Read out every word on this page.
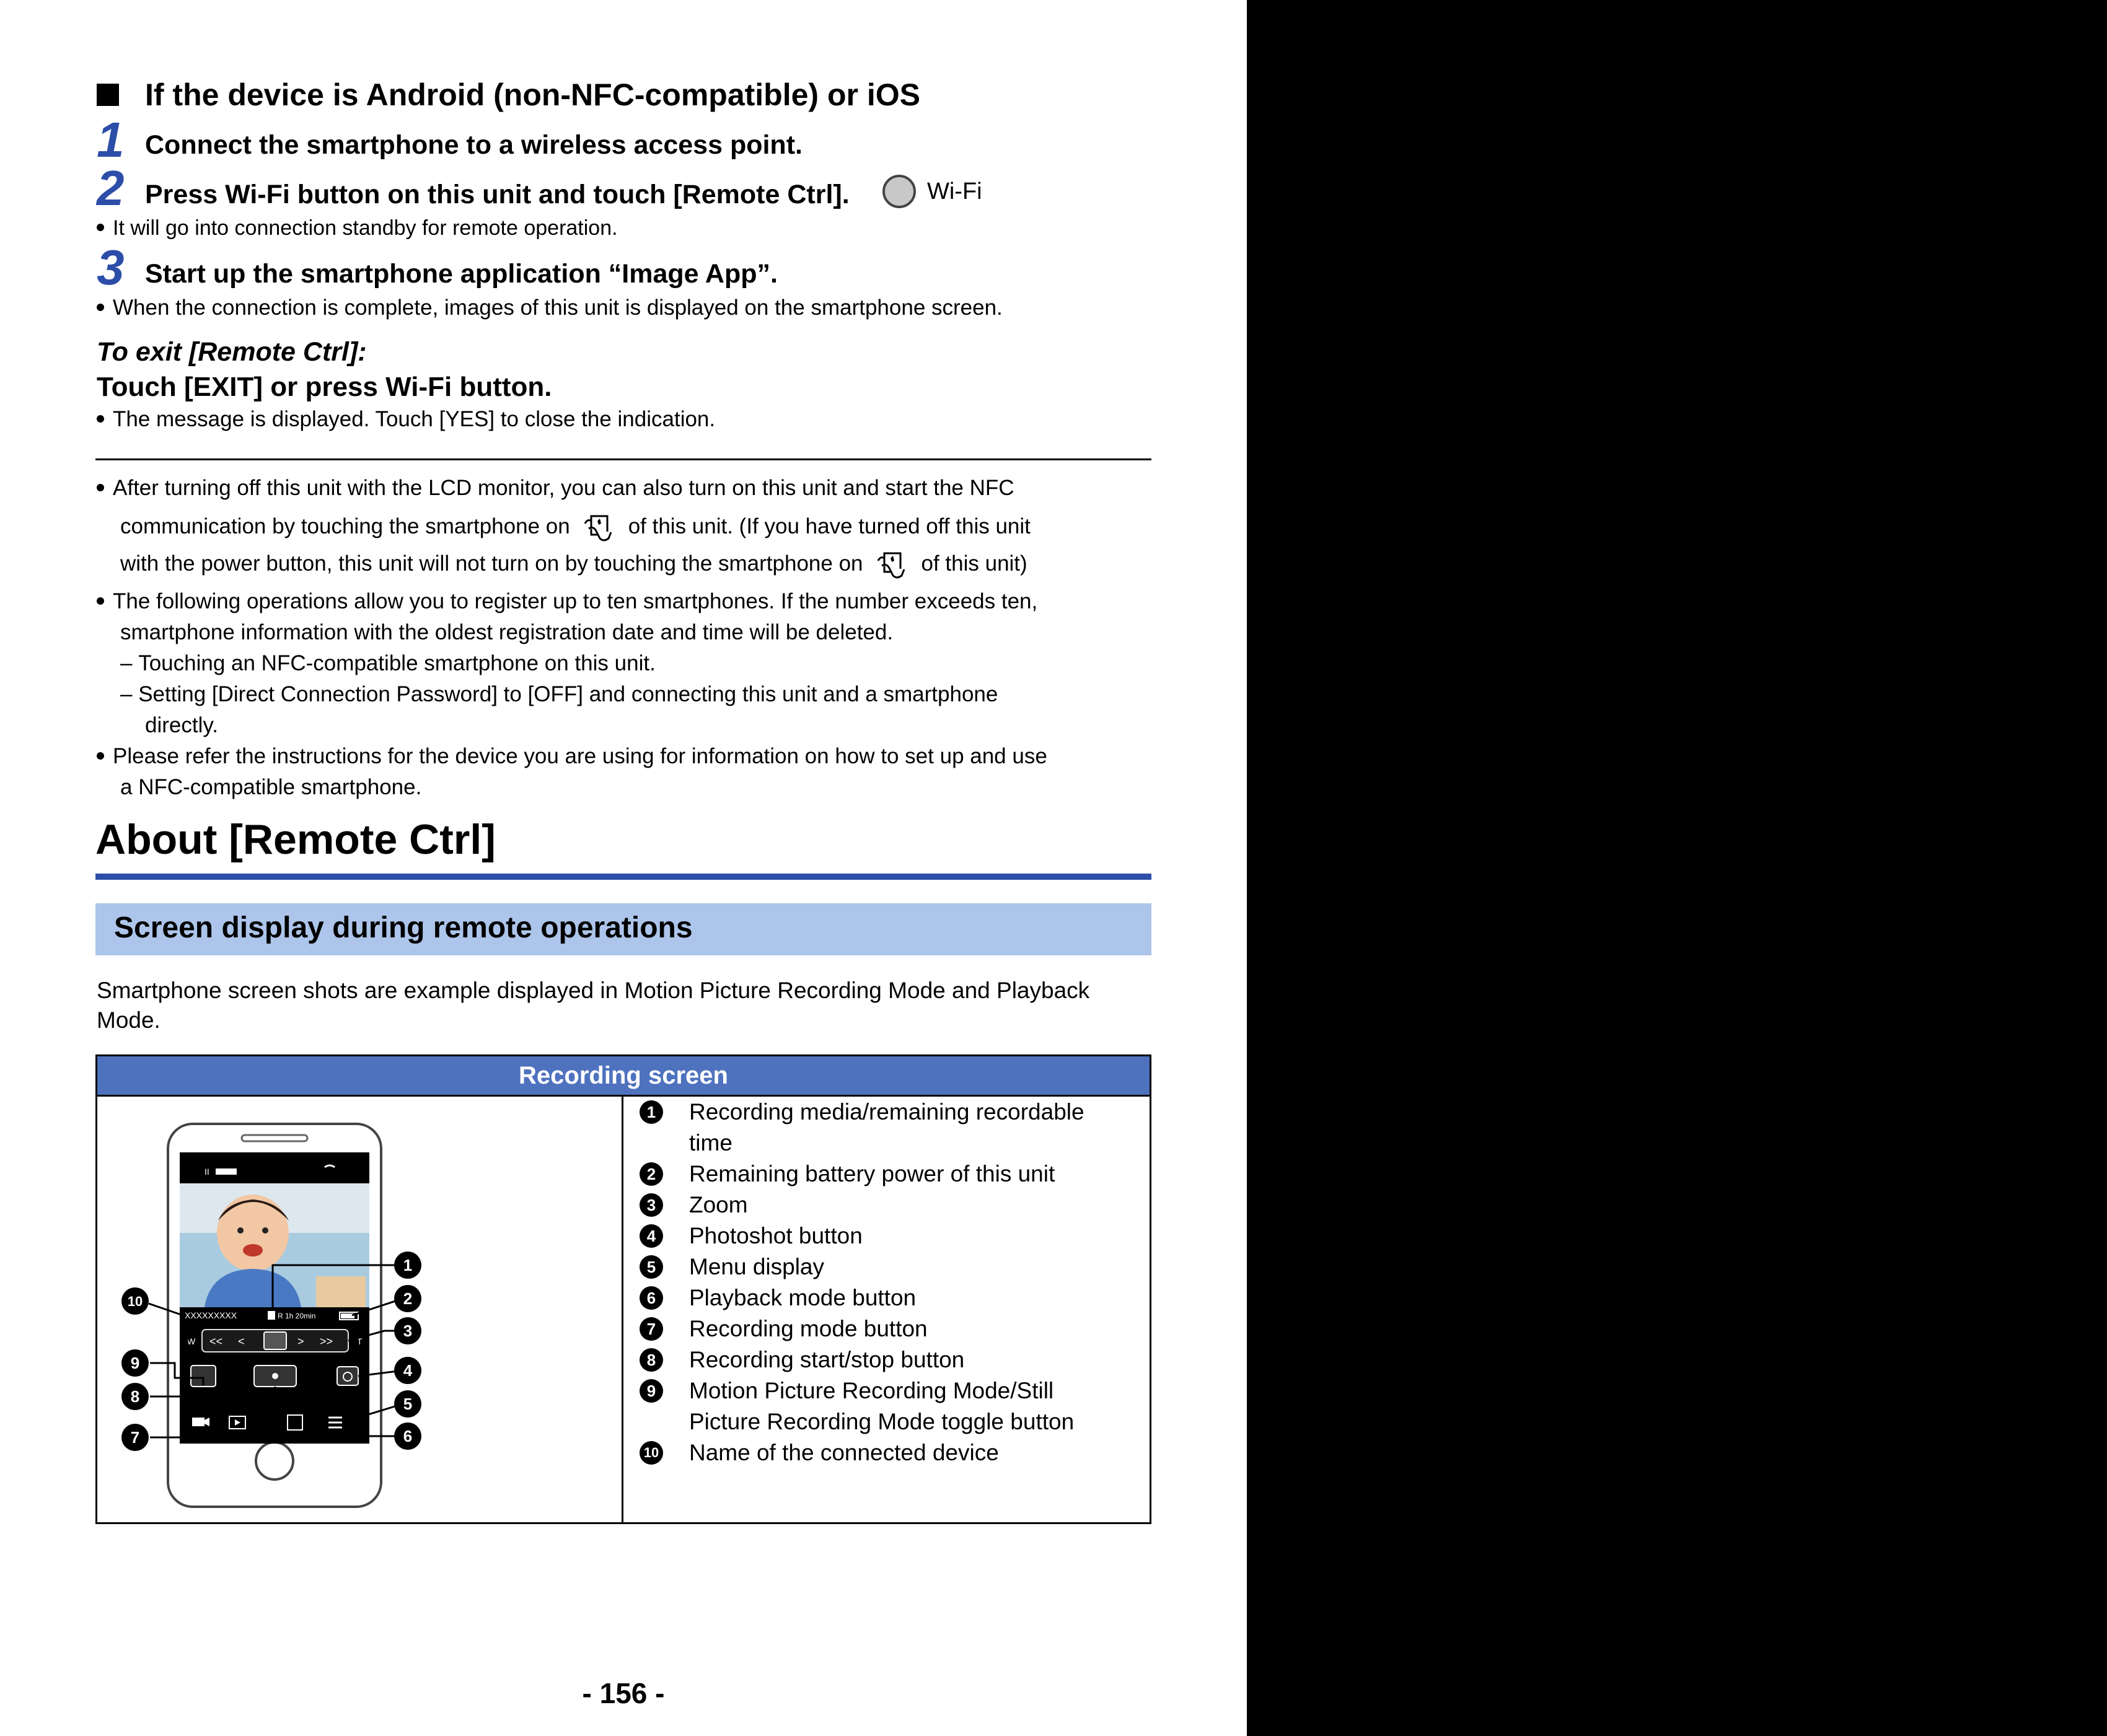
If the device is Android (non-NFC-compatible) or iOS
1 Connect the smartphone to a wireless access point.
2 Press Wi-Fi button on this unit and touch [Remote Ctrl].	Wi-Fi
It will go into connection standby for remote operation.
3 Start up the smartphone application “Image App”.
When the connection is complete, images of this unit is displayed on the smartphone screen.
To exit [Remote Ctrl]:
Touch [EXIT] or press Wi-Fi button.
The message is displayed. Touch [YES] to close the indication.
After turning off this unit with the LCD monitor, you can also turn on this unit and start the NFC
communication by touching the smartphone on	of this unit. (If you have turned off this unit
with the power button, this unit will not turn on by touching the smartphone on	of this unit)
The following operations allow you to register up to ten smartphones. If the number exceeds ten,
smartphone information with the oldest registration date and time will be deleted.
– Touching an NFC-compatible smartphone on this unit.
– Setting [Direct Connection Password] to [OFF] and connecting this unit and a smartphone
directly.
Please refer the instructions for the device you are using for information on how to set up and use
a NFC-compatible smartphone.
About [Remote Ctrl]
Screen display during remote operations
Smartphone screen shots are example displayed in Motion Picture Recording Mode and Playback
Mode.
Recording screen
II
XXXXXXXXX	R 1h 20min
W << <	> >>	T
1
2
3
4
5
6
7
8
9
10
1	Recording media/remaining recordable
time
2	Remaining battery power of this unit
3	Zoom
4	Photoshot button
5	Menu display
6	Playback mode button
7	Recording mode button
8	Recording start/stop button
9	Motion Picture Recording Mode/Still
Picture Recording Mode toggle button
10 Name of the connected device
- 156 -
